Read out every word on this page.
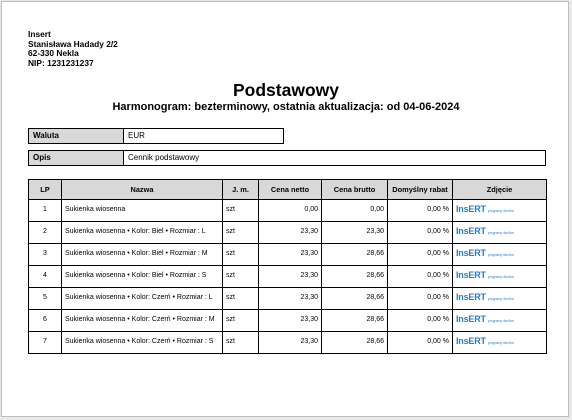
Insert
Stanisława Hadady 2/2
62-330 Nekla
NIP: 1231231237
Podstawowy
Harmonogram: bezterminowy, ostatnia aktualizacja: od 04-06-2024
Waluta	EUR
Opis	Cennik podstawowy
LP	Nazwa	J. m.	Cena netto	Cena brutto	Domyślny rabat	Zdjęcie
1	Sukienka wiosenna	szt	0,00	0,00	0,00 %	InsERT programy dla firm

2	Sukienka wiosenna • Kolor: Biel • Rozmiar : L	szt	23,30	23,30	0,00 %	InsERT programy dla firm

3	Sukienka wiosenna • Kolor: Biel • Rozmiar : M	szt	23,30	28,66	0,00 %	InsERT programy dla firm

4	Sukienka wiosenna • Kolor: Biel • Rozmiar : S	szt	23,30	28,66	0,00 %	InsERT programy dla firm

5	Sukienka wiosenna • Kolor: Czerń • Rozmiar : L	szt	23,30	28,66	0,00 %	InsERT programy dla firm

6	Sukienka wiosenna • Kolor: Czerń • Rozmiar : M	szt	23,30	28,66	0,00 %	InsERT programy dla firm

7	Sukienka wiosenna • Kolor: Czerń • Rozmiar : S	szt	23,30	28,66	0,00 %	InsERT programy dla firm
